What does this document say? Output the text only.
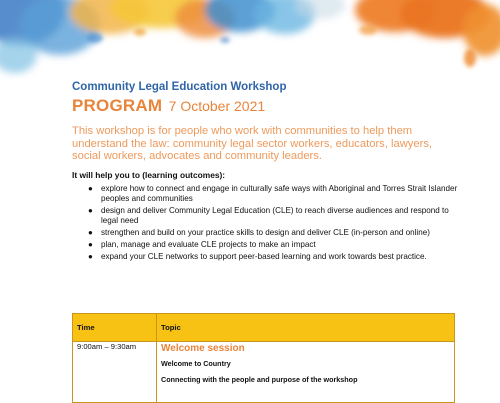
Community Legal Education Workshop

PROGRAM 7 October 2021

This workshop is for people who work with communities to help them understand the law: community legal sector workers, educators, lawyers, social workers, advocates and community leaders.

It will help you to (learning outcomes):

● explore how to connect and engage in culturally safe ways with Aboriginal and Torres Strait Islander peoples and communities
● design and deliver Community Legal Education (CLE) to reach diverse audiences and respond to legal need
● strengthen and build on your practice skills to design and deliver CLE (in-person and online)
● plan, manage and evaluate CLE projects to make an impact
● expand your CLE networks to support peer-based learning and work towards best practice.
Time	Topic
9:00am – 9:30am	Welcome session

Welcome to Country

Connecting with the people and purpose of the workshop
